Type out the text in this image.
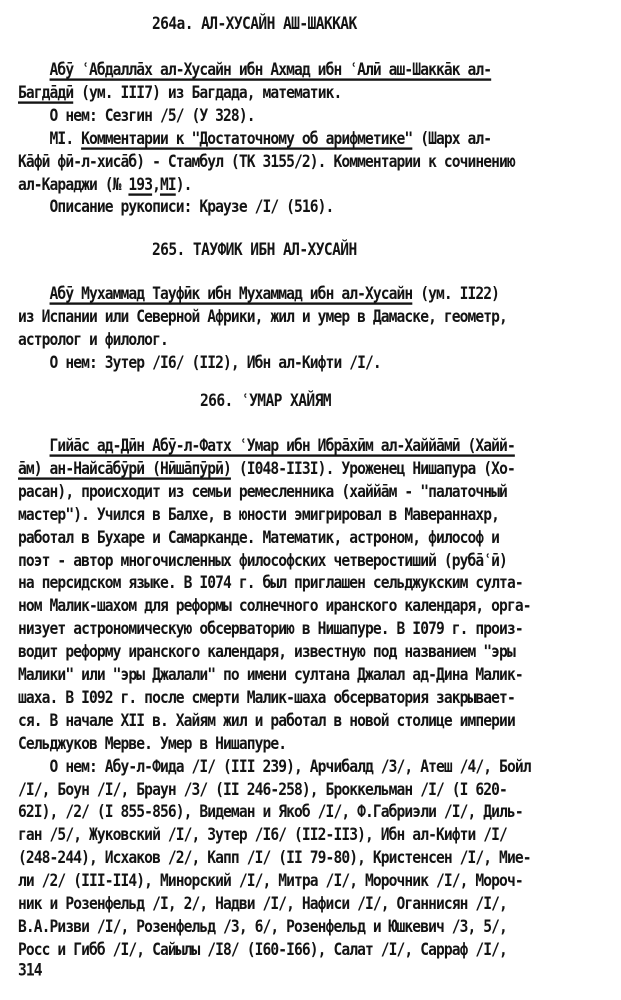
264а. АЛ-ХУСАЙН АШ-ШАККАК
Абӯ ʿАбдаллāх ал-Хусайн ибн Ахмад ибн ʿАлӣ аш-Шаккāк ал-
Багдāдӣ (ум. III7) из Багдада, математик.
О нем: Сезгин /5/ (У 328).
MI. Комментарии к "Достаточному об арифметике" (Шарх ал-
Кāфӣ фӣ-л-хисāб) - Стамбул (ТК 3155/2). Комментарии к сочинению
ал-Караджи (№ 193,MI).
Описание рукописи: Краузе /I/ (516).
265. ТАУФИК ИБН АЛ-ХУСАЙН
Абӯ Мухаммад Тауфӣк ибн Мухаммад ибн ал-Хусайн (ум. II22)
из Испании или Северной Африки, жил и умер в Дамаске, геометр,
астролог и филолог.
О нем: Зутер /I6/ (II2), Ибн ал-Кифти /I/.
266. ʿУМАР ХАЙЯМ
Гийāс ад-Дӣн Абӯ-л-Фатх ʿУмар ибн Ибрāхӣм ал-Хаййāмӣ (Хайй-
āм) ан-Найсāбӯрӣ (Нӣшāпӯрӣ) (I048-II3I). Уроженец Нишапура (Хо-
расан), происходит из семьи ремесленника (хаййāм - "палаточный
мастер"). Учился в Балхе, в юности эмигрировал в Мавераннахр,
работал в Бухаре и Самарканде. Математик, астроном, философ и
поэт - автор многочисленных философских четверостиший (рубāʿӣ)
на персидском языке. В I074 г. был приглашен сельджукским султа-
ном Малик-шахом для реформы солнечного иранского календаря, орга-
низует астрономическую обсерваторию в Нишапуре. В I079 г. произ-
водит реформу иранского календаря, известную под названием "эры
Малики" или "эры Джалали" по имени султана Джалал ад-Дина Малик-
шаха. В I092 г. после смерти Малик-шаха обсерватория закрывает-
ся. В начале XII в. Хайям жил и работал в новой столице империи
Сельджуков Мерве. Умер в Нишапуре.
О нем: Абу-л-Фида /I/ (III 239), Арчибалд /3/, Атеш /4/, Бойл
/I/, Боун /I/, Браун /3/ (II 246-258), Броккельман /I/ (I 620-
62I), /2/ (I 855-856), Видеман и Якоб /I/, Ф.Габриэли /I/, Диль-
ган /5/, Жуковский /I/, Зутер /I6/ (II2-II3), Ибн ал-Кифти /I/
(248-244), Исхаков /2/, Капп /I/ (II 79-80), Кристенсен /I/, Мие-
ли /2/ (III-II4), Минорский /I/, Митра /I/, Морочник /I/, Мороч-
ник и Розенфельд /I, 2/, Надви /I/, Нафиси /I/, Оганнисян /I/,
В.А.Ризви /I/, Розенфельд /3, 6/, Розенфельд и Юшкевич /3, 5/,
Росс и Гибб /I/, Сайылы /I8/ (I60-I66), Салат /I/, Сарраф /I/,
314
